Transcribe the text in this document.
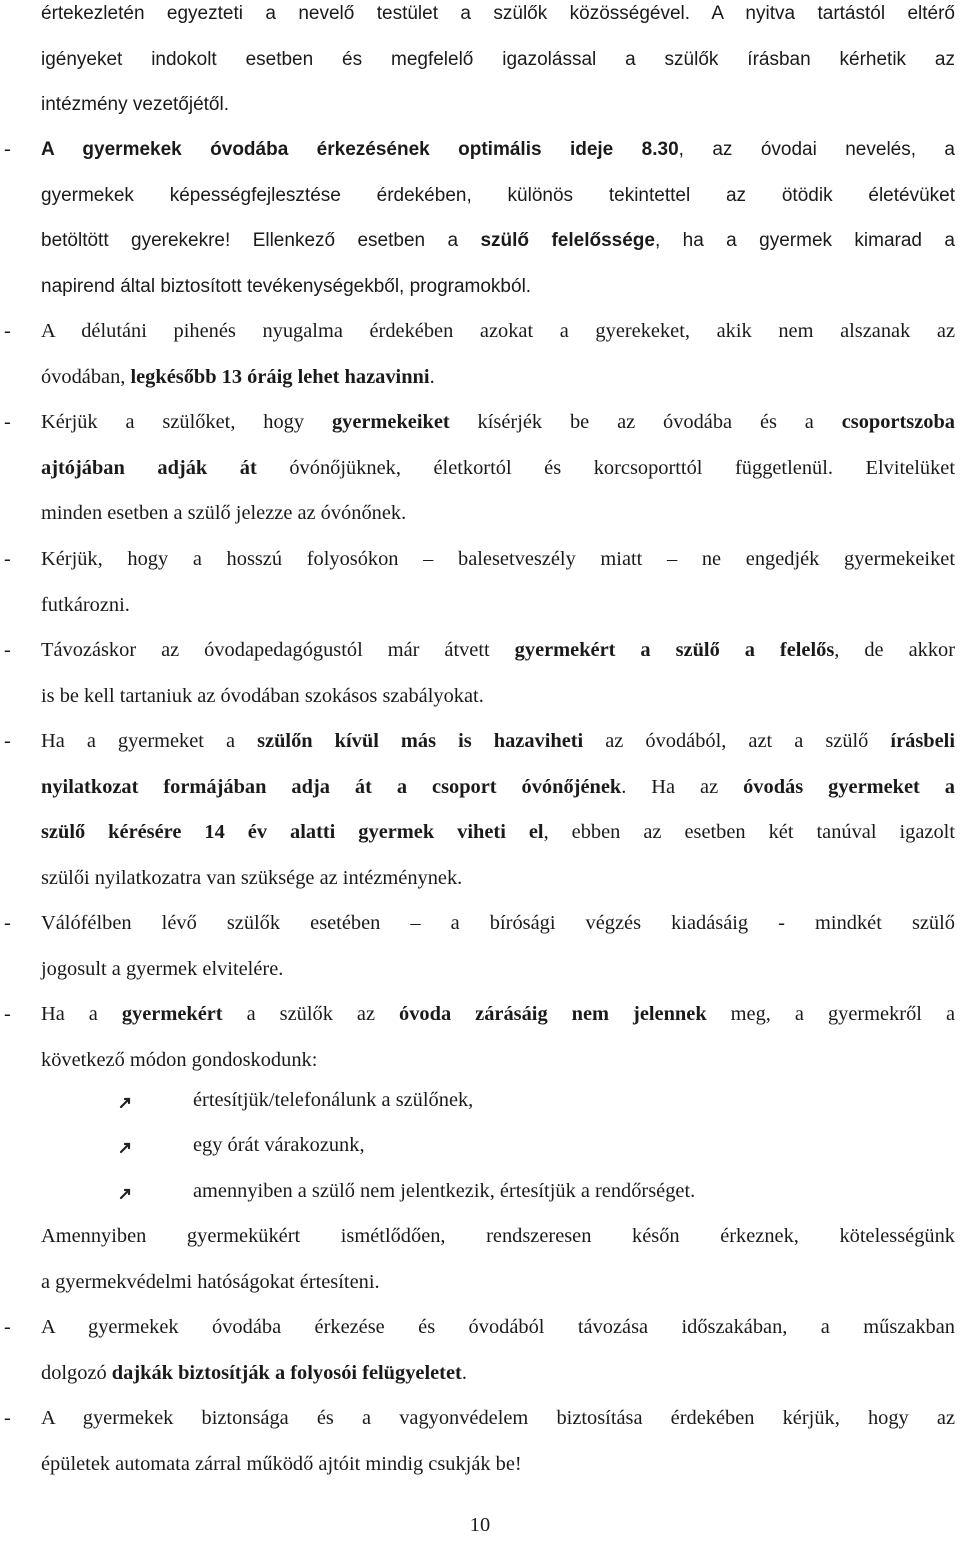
értekezletén egyezteti a nevelő testület a szülők közösségével. A nyitva tartástól eltérő
igényeket indokolt esetben és megfelelő igazolással a szülők írásban kérhetik az
intézmény vezetőjétől.
- A gyermekek óvodába érkezésének optimális ideje 8.30, az óvodai nevelés, a
gyermekek képességfejlesztése érdekében, különös tekintettel az ötödik életévüket
betöltött gyerekekre! Ellenkező esetben a szülő felelőssége, ha a gyermek kimarad a
napirend által biztosított tevékenységekből, programokból.
- A délutáni pihenés nyugalma érdekében azokat a gyerekeket, akik nem alszanak az
óvodában, legkésőbb 13 óráig lehet hazavinni.
- Kérjük a szülőket, hogy gyermekeiket kísérjék be az óvodába és a csoportszoba
ajtójában adják át óvónőjüknek, életkortól és korcsoporttól függetlenül. Elvitelüket
minden esetben a szülő jelezze az óvónőnek.
- Kérjük, hogy a hosszú folyosókon – balesetveszély miatt – ne engedjék gyermekeiket
futkározni.
- Távozáskor az óvodapedagógustól már átvett gyermekért a szülő a felelős, de akkor
is be kell tartaniuk az óvodában szokásos szabályokat.
- Ha a gyermeket a szülőn kívül más is hazaviheti az óvodából, azt a szülő írásbeli
nyilatkozat formájában adja át a csoport óvónőjének. Ha az óvodás gyermeket a
szülő kérésére 14 év alatti gyermek viheti el, ebben az esetben két tanúval igazolt
szülői nyilatkozatra van szüksége az intézménynek.
- Válófélben lévő szülők esetében – a bírósági végzés kiadásáig - mindkét szülő
jogosult a gyermek elvitelére.
- Ha a gyermekért a szülők az óvoda zárásáig nem jelennek meg, a gyermekről a
következő módon gondoskodunk:
értesítjük/telefonálunk a szülőnek,
egy órát várakozunk,
amennyiben a szülő nem jelentkezik, értesítjük a rendőrséget.
Amennyiben gyermekükért ismétlődően, rendszeresen későn érkeznek, kötelességünk
a gyermekvédelmi hatóságokat értesíteni.
- A gyermekek óvodába érkezése és óvodából távozása időszakában, a műszakban
dolgozó dajkák biztosítják a folyosói felügyeletet.
- A gyermekek biztonsága és a vagyonvédelem biztosítása érdekében kérjük, hogy az
épületek automata zárral működő ajtóit mindig csukják be!
10
